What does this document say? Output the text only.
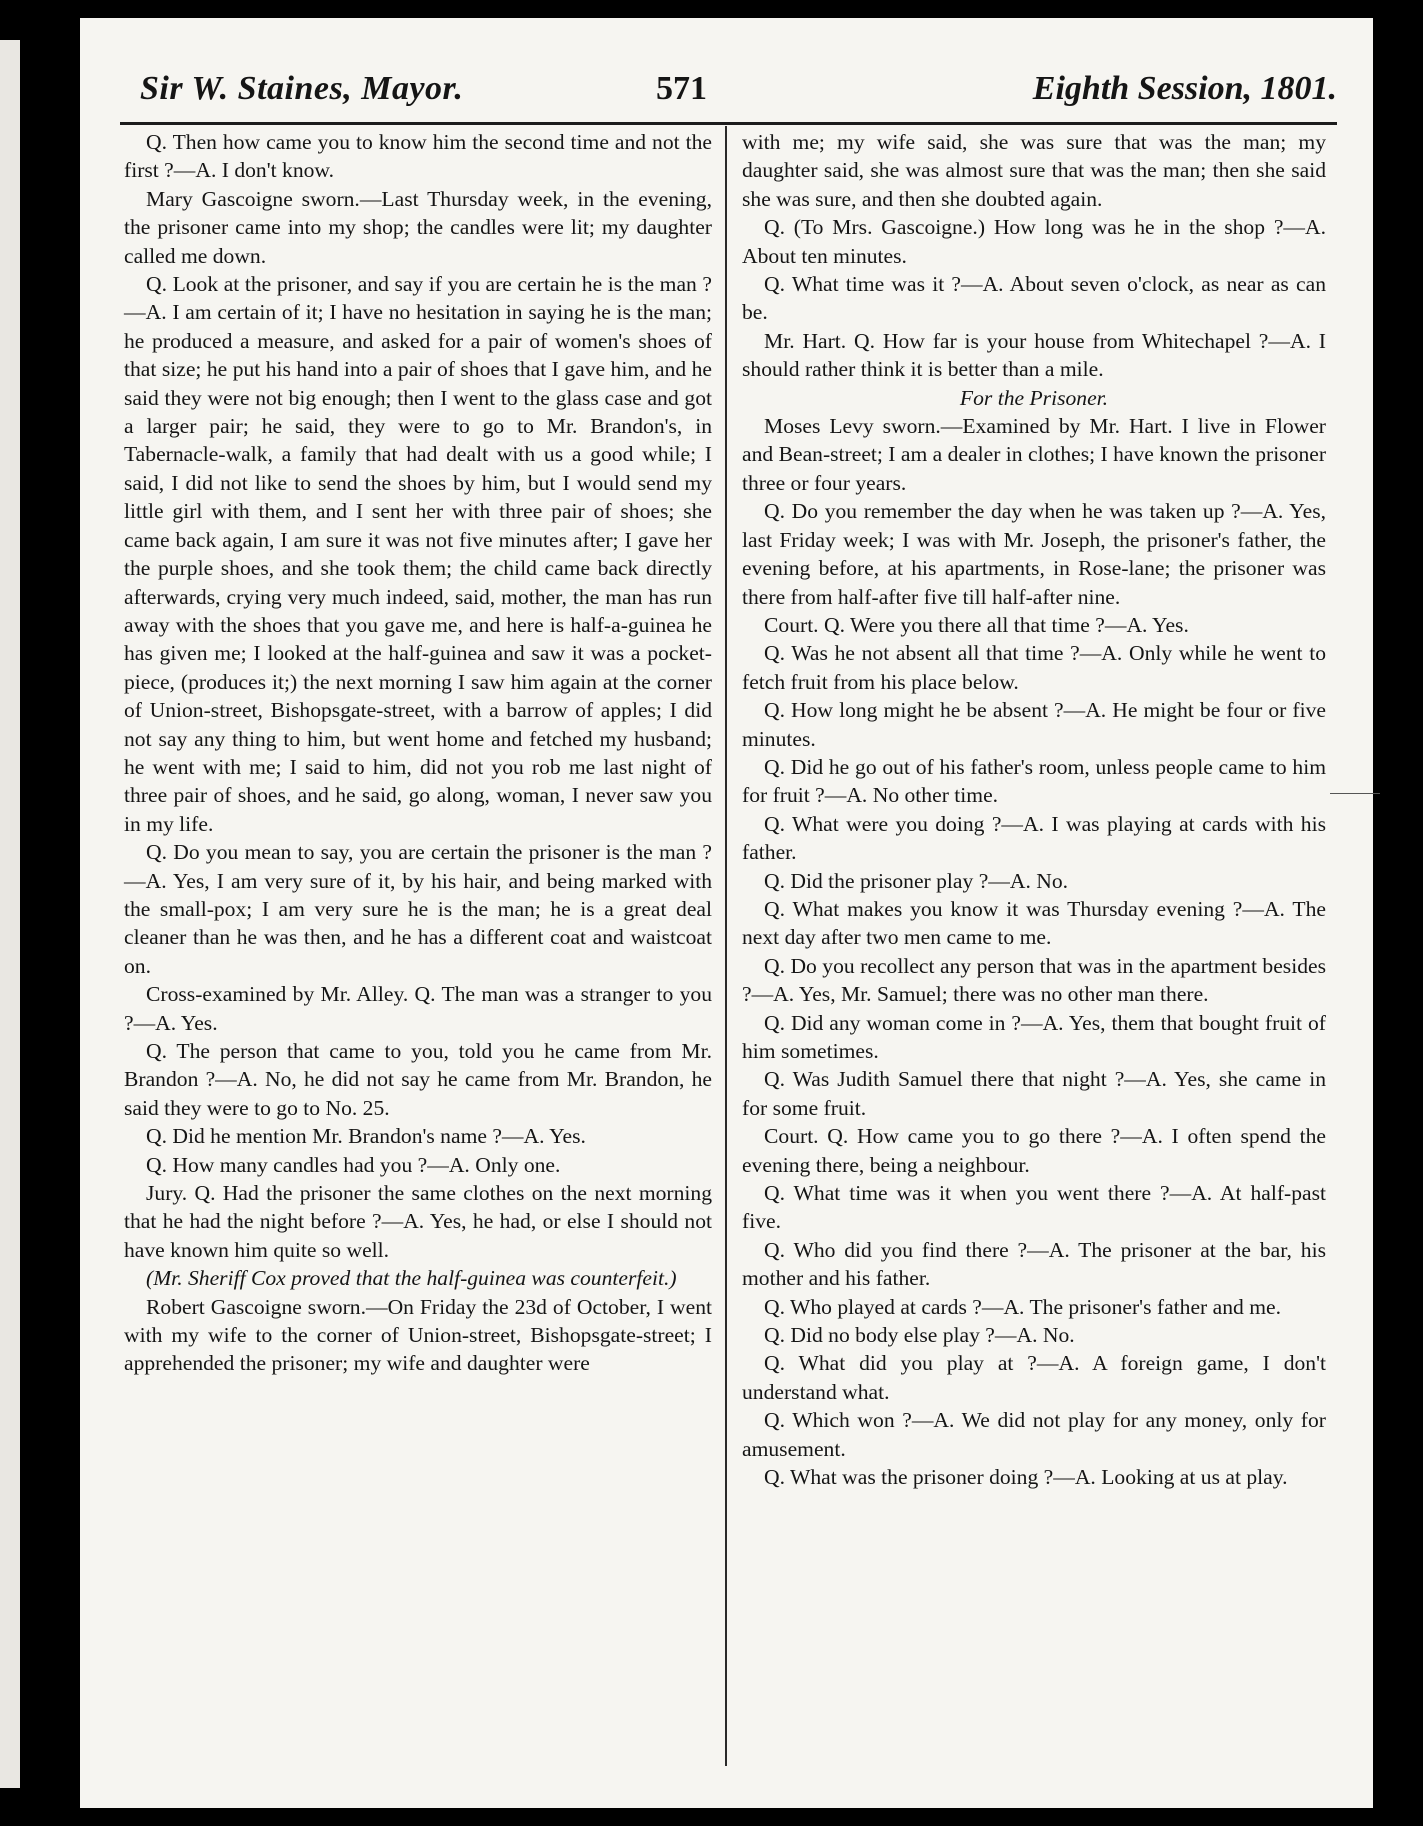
Sir W. Staines, Mayor.	571	Eighth Session, 1801.

Q. Then how came you to know him the second time and not the first ?—A. I don't know.

Mary Gascoigne sworn.—Last Thursday week, in the evening, the prisoner came into my shop; the candles were lit; my daughter called me down.

Q. Look at the prisoner, and say if you are certain he is the man ?—A. I am certain of it; I have no hesitation in saying he is the man; he produced a measure, and asked for a pair of women's shoes of that size; he put his hand into a pair of shoes that I gave him, and he said they were not big enough; then I went to the glass case and got a larger pair; he said, they were to go to Mr. Brandon's, in Tabernacle-walk, a family that had dealt with us a good while; I said, I did not like to send the shoes by him, but I would send my little girl with them, and I sent her with three pair of shoes; she came back again, I am sure it was not five minutes after; I gave her the purple shoes, and she took them; the child came back directly afterwards, crying very much indeed, said, mother, the man has run away with the shoes that you gave me, and here is half-a-guinea he has given me; I looked at the half-guinea and saw it was a pocket-piece, (produces it;) the next morning I saw him again at the corner of Union-street, Bishopsgate-street, with a barrow of apples; I did not say any thing to him, but went home and fetched my husband; he went with me; I said to him, did not you rob me last night of three pair of shoes, and he said, go along, woman, I never saw you in my life.

Q. Do you mean to say, you are certain the prisoner is the man ?—A. Yes, I am very sure of it, by his hair, and being marked with the small-pox; I am very sure he is the man; he is a great deal cleaner than he was then, and he has a different coat and waistcoat on.

Cross-examined by Mr. Alley. Q. The man was a stranger to you ?—A. Yes.

Q. The person that came to you, told you he came from Mr. Brandon ?—A. No, he did not say he came from Mr. Brandon, he said they were to go to No. 25.

Q. Did he mention Mr. Brandon's name ?—A. Yes.

Q. How many candles had you ?—A. Only one.

Jury. Q. Had the prisoner the same clothes on the next morning that he had the night before ?—A. Yes, he had, or else I should not have known him quite so well.

(Mr. Sheriff Cox proved that the half-guinea was counterfeit.)

Robert Gascoigne sworn.—On Friday the 23d of October, I went with my wife to the corner of Union-street, Bishopsgate-street; I apprehended the prisoner; my wife and daughter were

with me; my wife said, she was sure that was the man; my daughter said, she was almost sure that was the man; then she said she was sure, and then she doubted again.

Q. (To Mrs. Gascoigne.) How long was he in the shop ?—A. About ten minutes.

Q. What time was it ?—A. About seven o'clock, as near as can be.

Mr. Hart. Q. How far is your house from Whitechapel ?—A. I should rather think it is better than a mile.

For the Prisoner.

Moses Levy sworn.—Examined by Mr. Hart. I live in Flower and Bean-street; I am a dealer in clothes; I have known the prisoner three or four years.

Q. Do you remember the day when he was taken up ?—A. Yes, last Friday week; I was with Mr. Joseph, the prisoner's father, the evening before, at his apartments, in Rose-lane; the prisoner was there from half-after five till half-after nine.

Court. Q. Were you there all that time ?—A. Yes.

Q. Was he not absent all that time ?—A. Only while he went to fetch fruit from his place below.

Q. How long might he be absent ?—A. He might be four or five minutes.

Q. Did he go out of his father's room, unless people came to him for fruit ?—A. No other time.

Q. What were you doing ?—A. I was playing at cards with his father.

Q. Did the prisoner play ?—A. No.

Q. What makes you know it was Thursday evening ?—A. The next day after two men came to me.

Q. Do you recollect any person that was in the apartment besides ?—A. Yes, Mr. Samuel; there was no other man there.

Q. Did any woman come in ?—A. Yes, them that bought fruit of him sometimes.

Q. Was Judith Samuel there that night ?—A. Yes, she came in for some fruit.

Court. Q. How came you to go there ?—A. I often spend the evening there, being a neighbour.

Q. What time was it when you went there ?—A. At half-past five.

Q. Who did you find there ?—A. The prisoner at the bar, his mother and his father.

Q. Who played at cards ?—A. The prisoner's father and me.

Q. Did no body else play ?—A. No.

Q. What did you play at ?—A. A foreign game, I don't understand what.

Q. Which won ?—A. We did not play for any money, only for amusement.

Q. What was the prisoner doing ?—A. Looking at us at play.
